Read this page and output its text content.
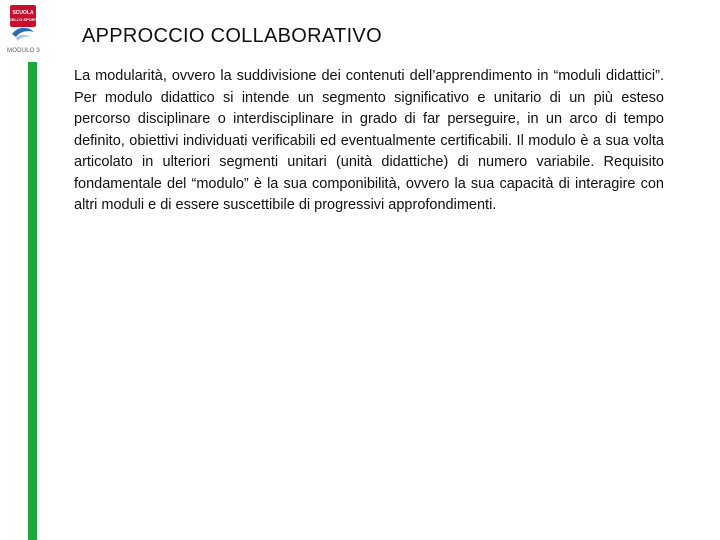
SCUOLA
DELLO SPORT
MODULO 3
APPROCCIO COLLABORATIVO

La modularità, ovvero la suddivisione dei contenuti dell’apprendimento in “moduli didattici”. Per modulo didattico si intende un segmento significativo e unitario di un più esteso percorso disciplinare o interdisciplinare in grado di far perseguire, in un arco di tempo definito, obiettivi individuati verificabili ed eventualmente certificabili. Il modulo è a sua volta articolato in ulteriori segmenti unitari (unità didattiche) di numero variabile. Requisito fondamentale del “modulo” è la sua componibilità, ovvero la sua capacità di interagire con altri moduli e di essere suscettibile di progressivi approfondimenti.
